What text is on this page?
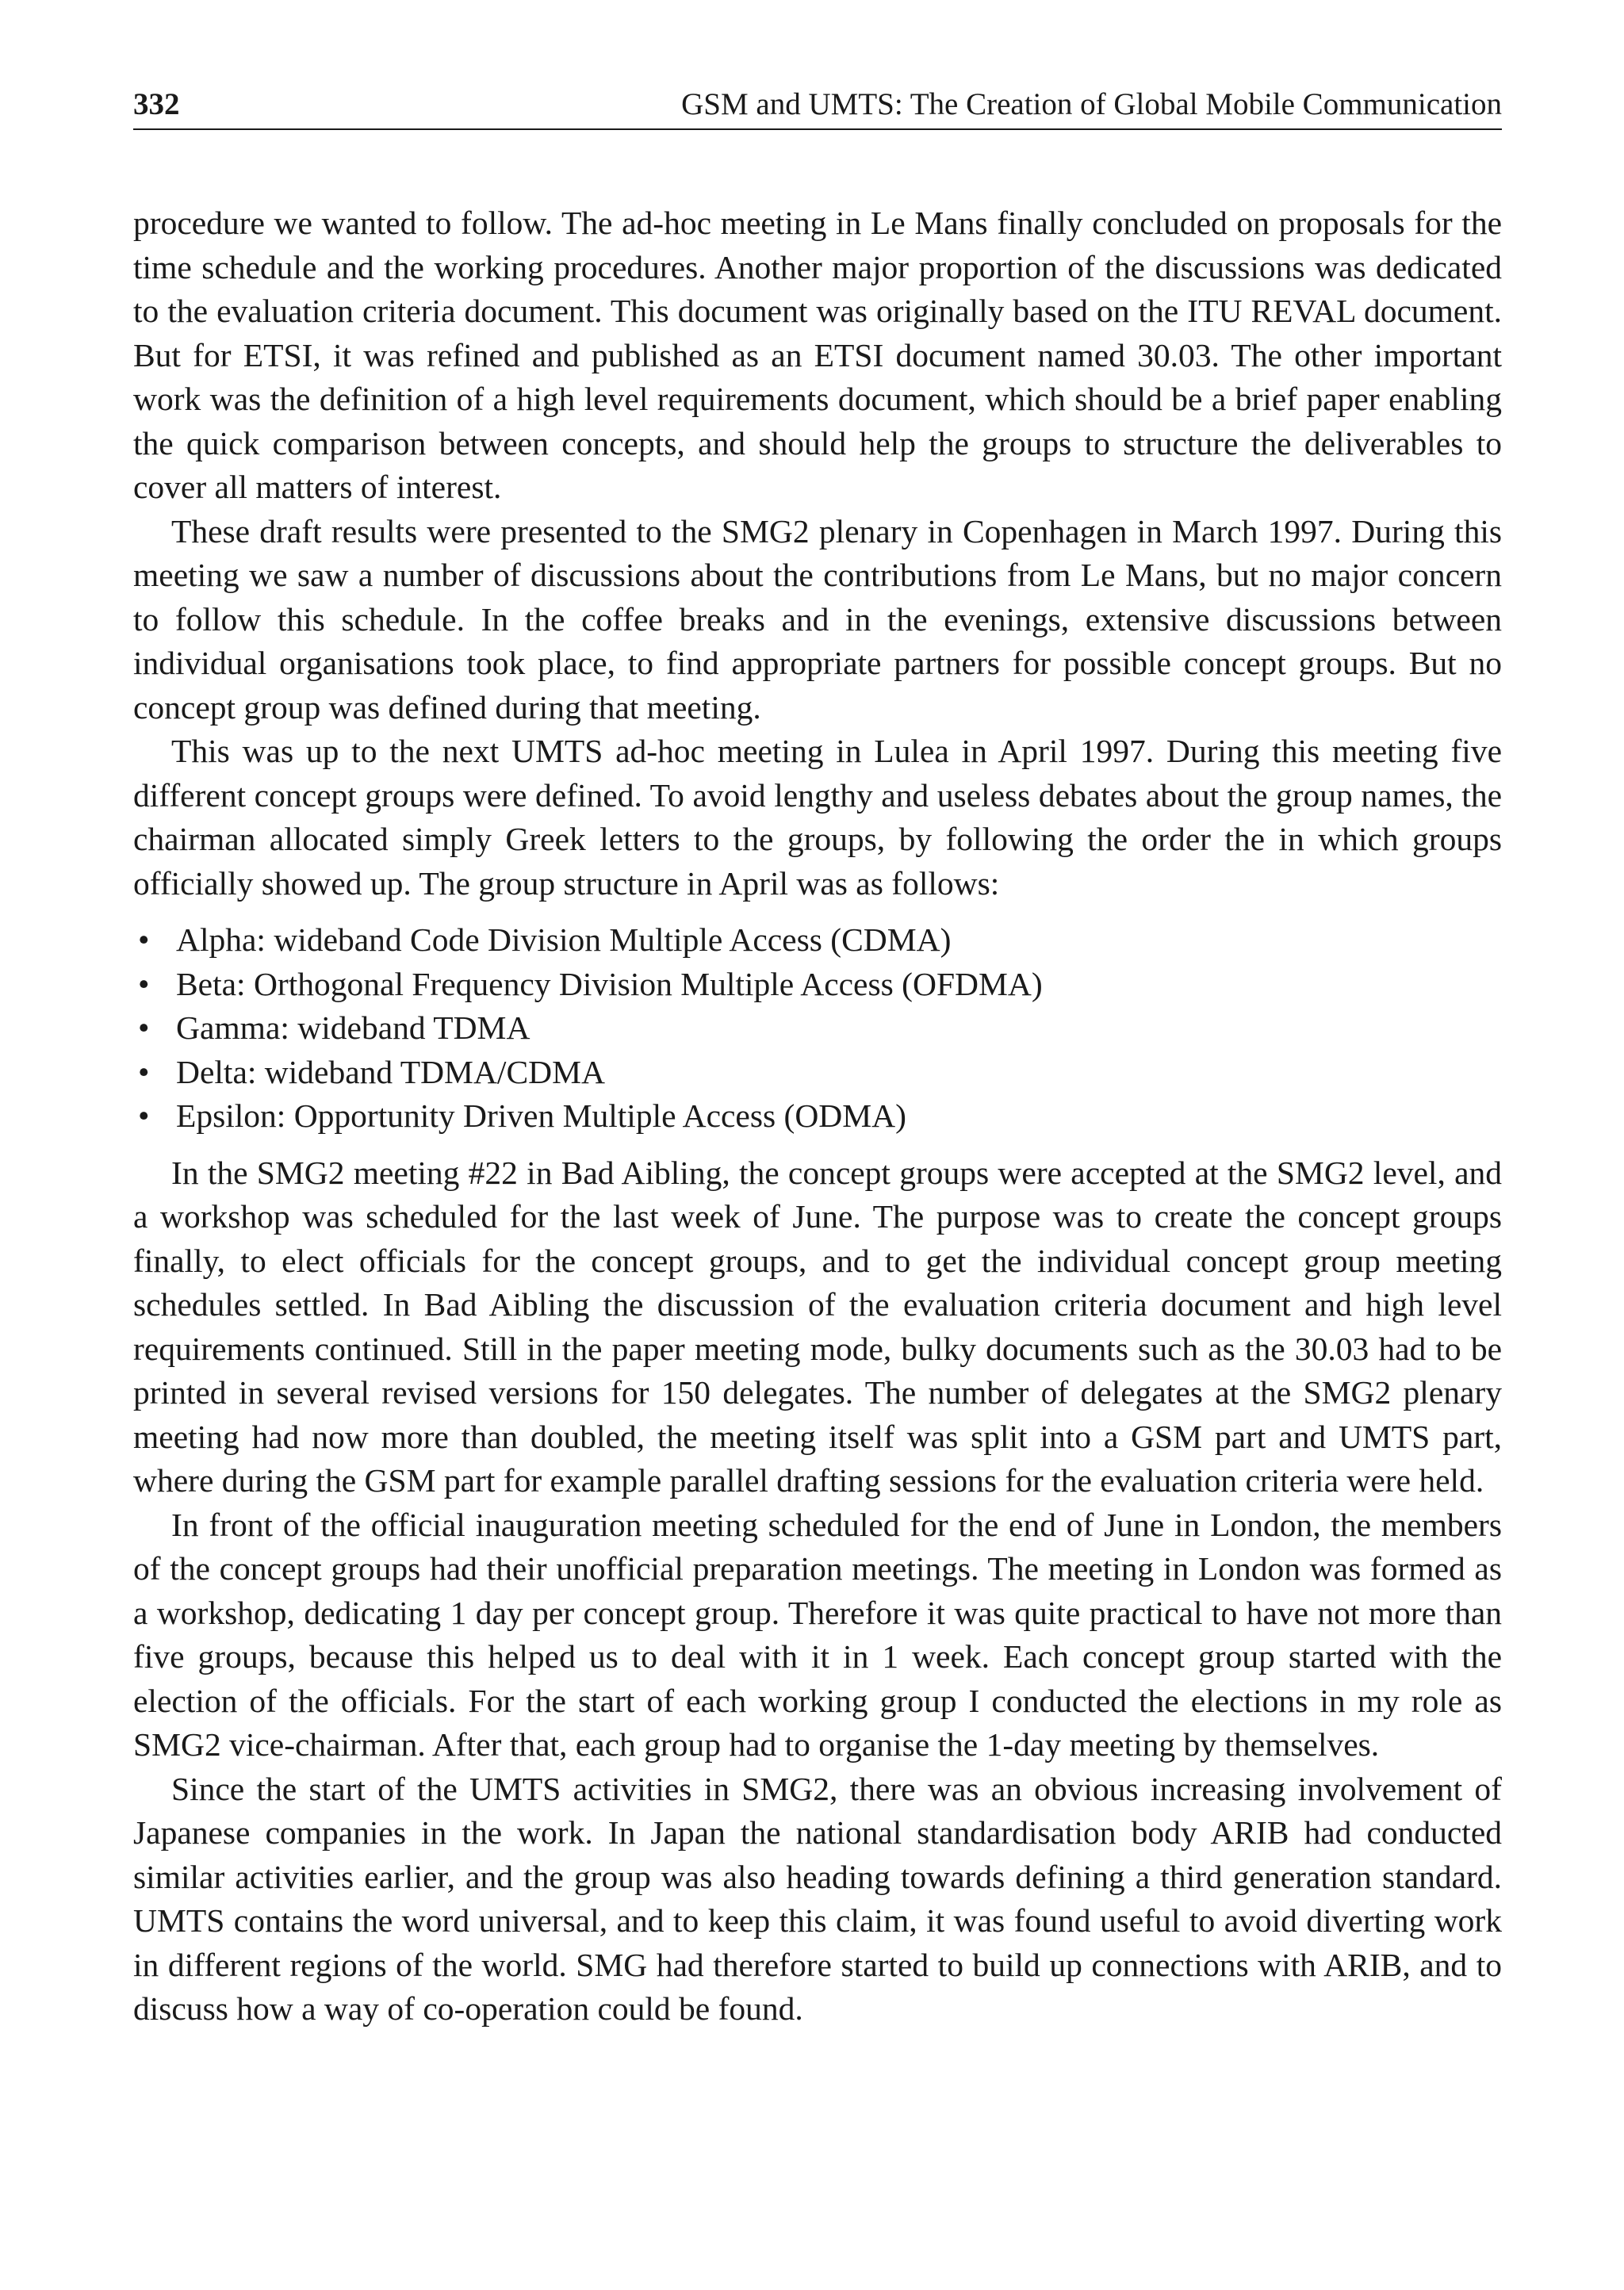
332	GSM and UMTS: The Creation of Global Mobile Communication

procedure we wanted to follow. The ad-hoc meeting in Le Mans finally concluded on proposals for the time schedule and the working procedures. Another major proportion of the discussions was dedicated to the evaluation criteria document. This document was originally based on the ITU REVAL document. But for ETSI, it was refined and published as an ETSI document named 30.03. The other important work was the definition of a high level requirements document, which should be a brief paper enabling the quick comparison between concepts, and should help the groups to structure the deliverables to cover all matters of interest.

These draft results were presented to the SMG2 plenary in Copenhagen in March 1997. During this meeting we saw a number of discussions about the contributions from Le Mans, but no major concern to follow this schedule. In the coffee breaks and in the evenings, extensive discussions between individual organisations took place, to find appropriate partners for possible concept groups. But no concept group was defined during that meeting.

This was up to the next UMTS ad-hoc meeting in Lulea in April 1997. During this meeting five different concept groups were defined. To avoid lengthy and useless debates about the group names, the chairman allocated simply Greek letters to the groups, by following the order the in which groups officially showed up. The group structure in April was as follows:

• Alpha: wideband Code Division Multiple Access (CDMA)
• Beta: Orthogonal Frequency Division Multiple Access (OFDMA)
• Gamma: wideband TDMA
• Delta: wideband TDMA/CDMA
• Epsilon: Opportunity Driven Multiple Access (ODMA)

In the SMG2 meeting #22 in Bad Aibling, the concept groups were accepted at the SMG2 level, and a workshop was scheduled for the last week of June. The purpose was to create the concept groups finally, to elect officials for the concept groups, and to get the individual concept group meeting schedules settled. In Bad Aibling the discussion of the evaluation criteria document and high level requirements continued. Still in the paper meeting mode, bulky documents such as the 30.03 had to be printed in several revised versions for 150 delegates. The number of delegates at the SMG2 plenary meeting had now more than doubled, the meeting itself was split into a GSM part and UMTS part, where during the GSM part for example parallel drafting sessions for the evaluation criteria were held.

In front of the official inauguration meeting scheduled for the end of June in London, the members of the concept groups had their unofficial preparation meetings. The meeting in London was formed as a workshop, dedicating 1 day per concept group. Therefore it was quite practical to have not more than five groups, because this helped us to deal with it in 1 week. Each concept group started with the election of the officials. For the start of each working group I conducted the elections in my role as SMG2 vice-chairman. After that, each group had to organise the 1-day meeting by themselves.

Since the start of the UMTS activities in SMG2, there was an obvious increasing involvement of Japanese companies in the work. In Japan the national standardisation body ARIB had conducted similar activities earlier, and the group was also heading towards defining a third generation standard. UMTS contains the word universal, and to keep this claim, it was found useful to avoid diverting work in different regions of the world. SMG had therefore started to build up connections with ARIB, and to discuss how a way of co-operation could be found.
